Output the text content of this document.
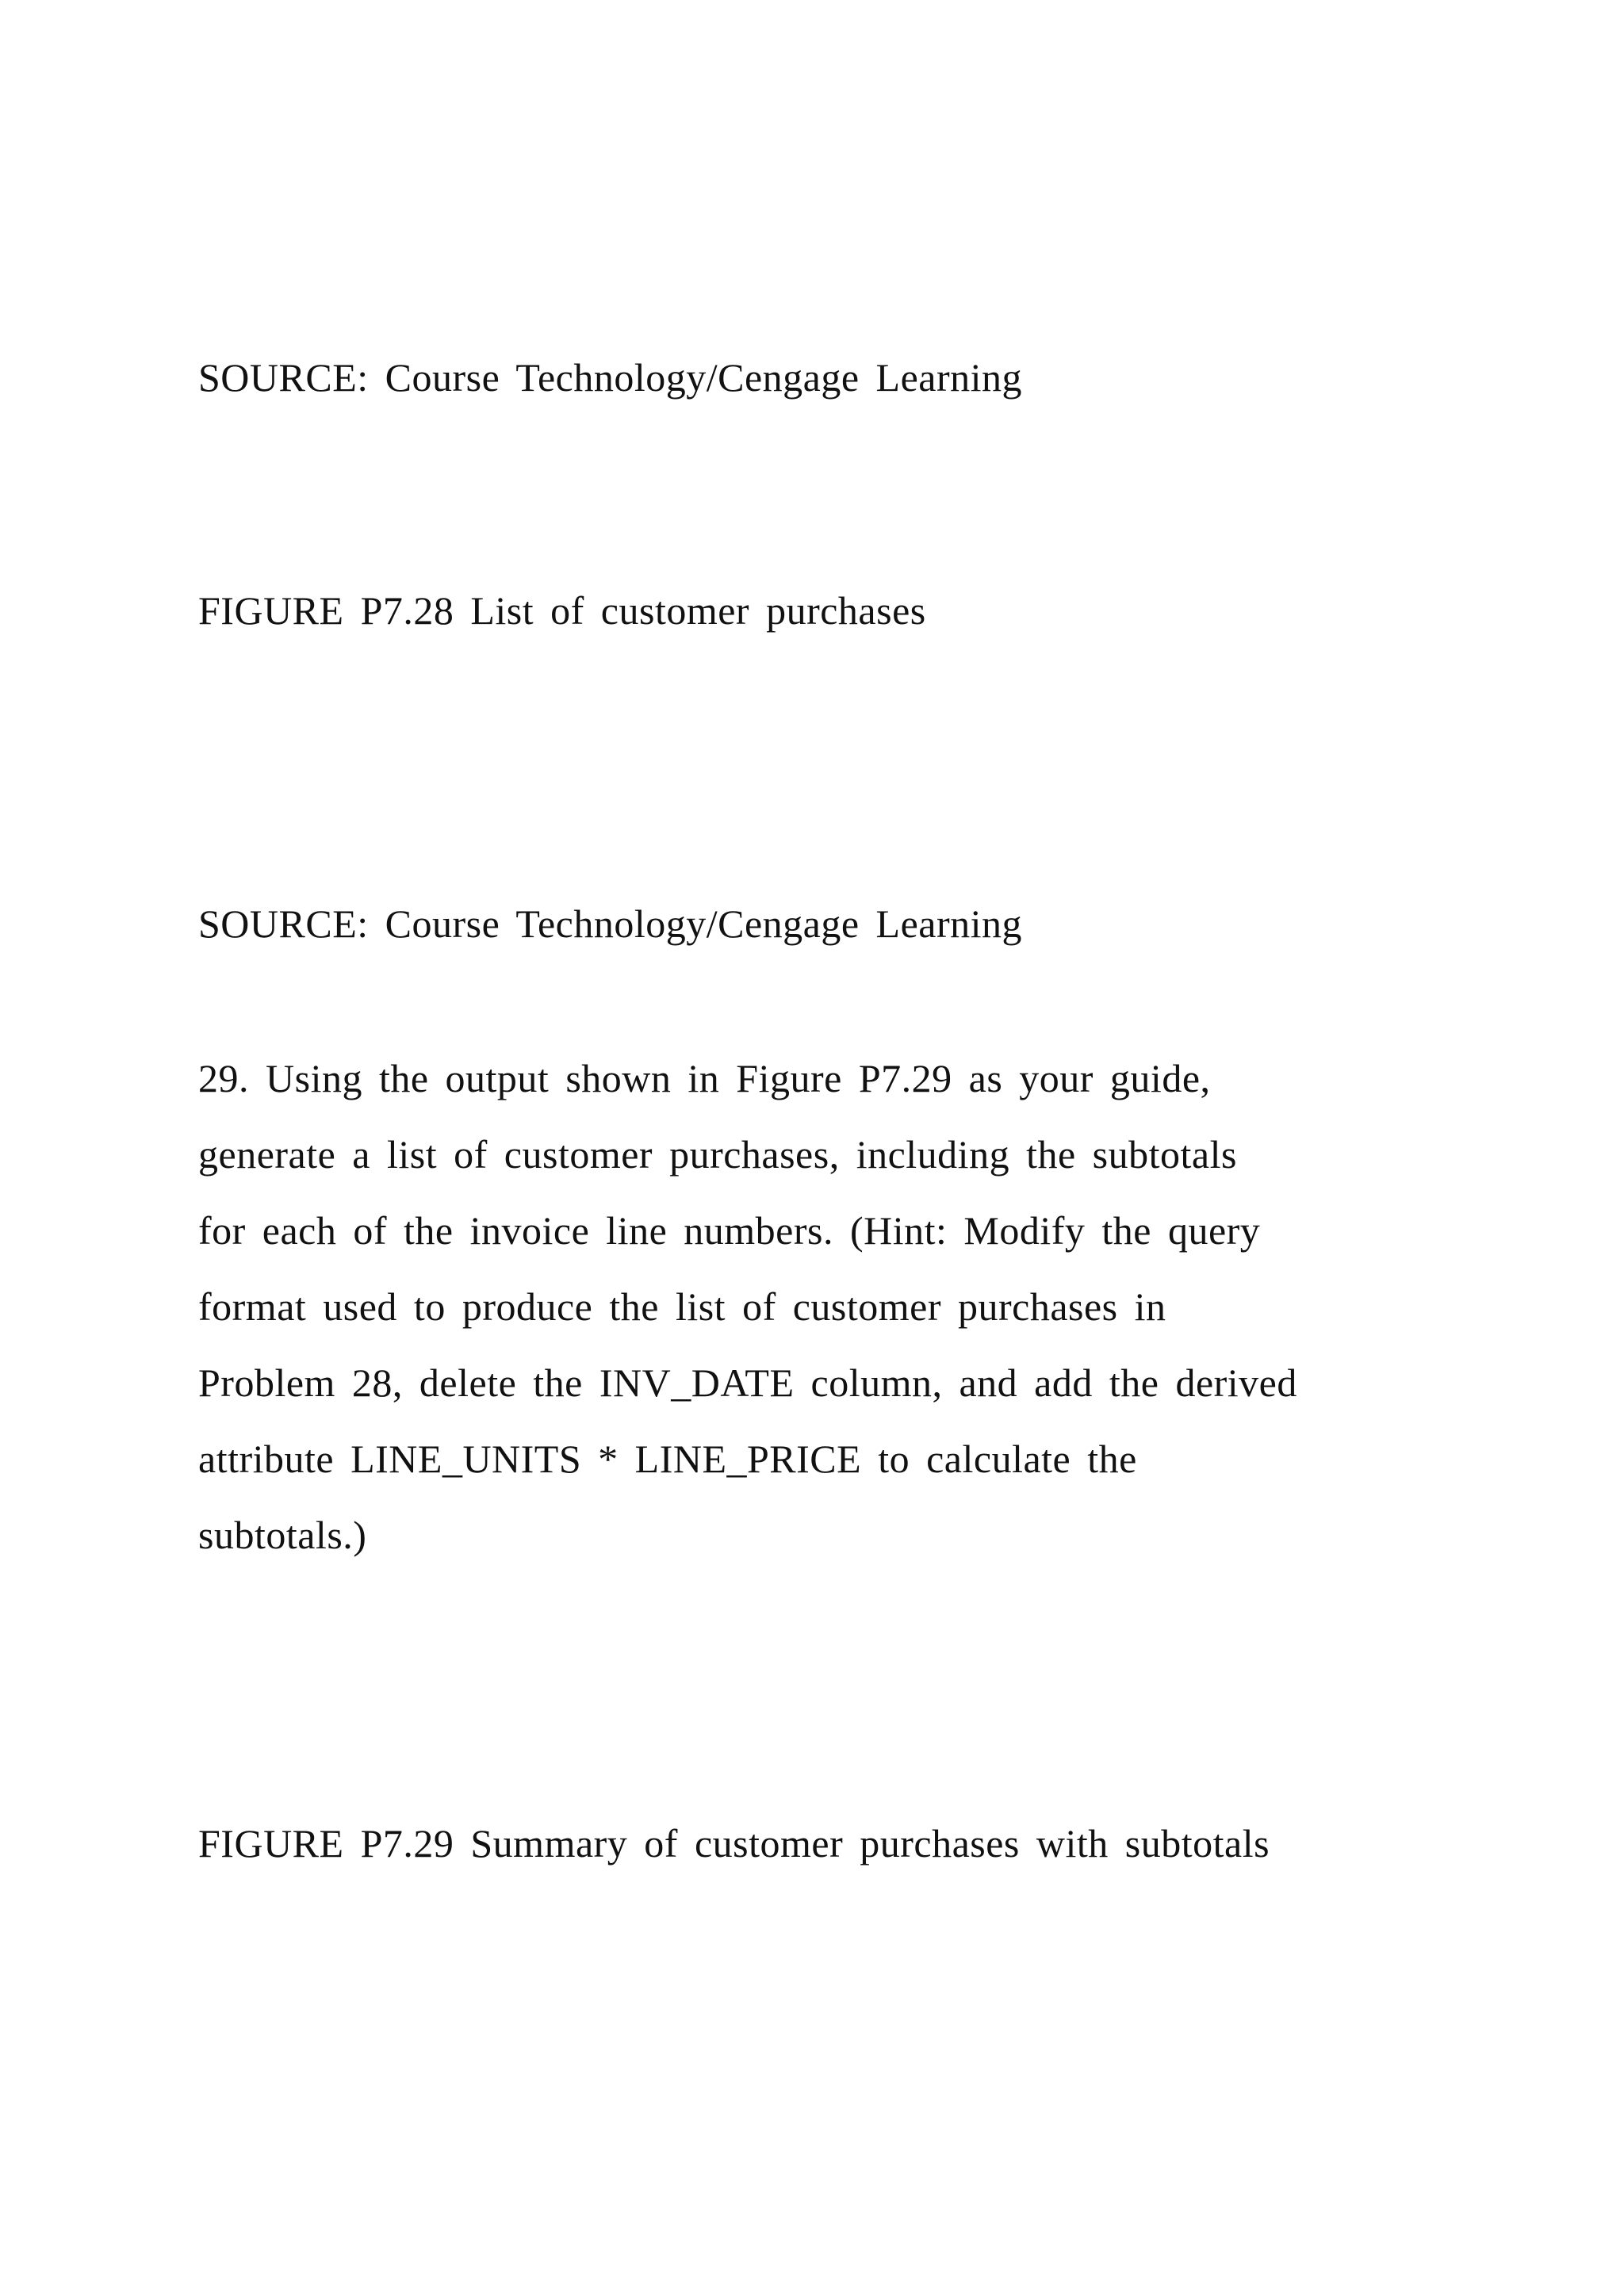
SOURCE: Course Technology/Cengage Learning

FIGURE P7.28 List of customer purchases

SOURCE: Course Technology/Cengage Learning

29. Using the output shown in Figure P7.29 as your guide,
generate a list of customer purchases, including the subtotals
for each of the invoice line numbers. (Hint: Modify the query
format used to produce the list of customer purchases in
Problem 28, delete the INV_DATE column, and add the derived
attribute LINE_UNITS * LINE_PRICE to calculate the
subtotals.)

FIGURE P7.29 Summary of customer purchases with subtotals
